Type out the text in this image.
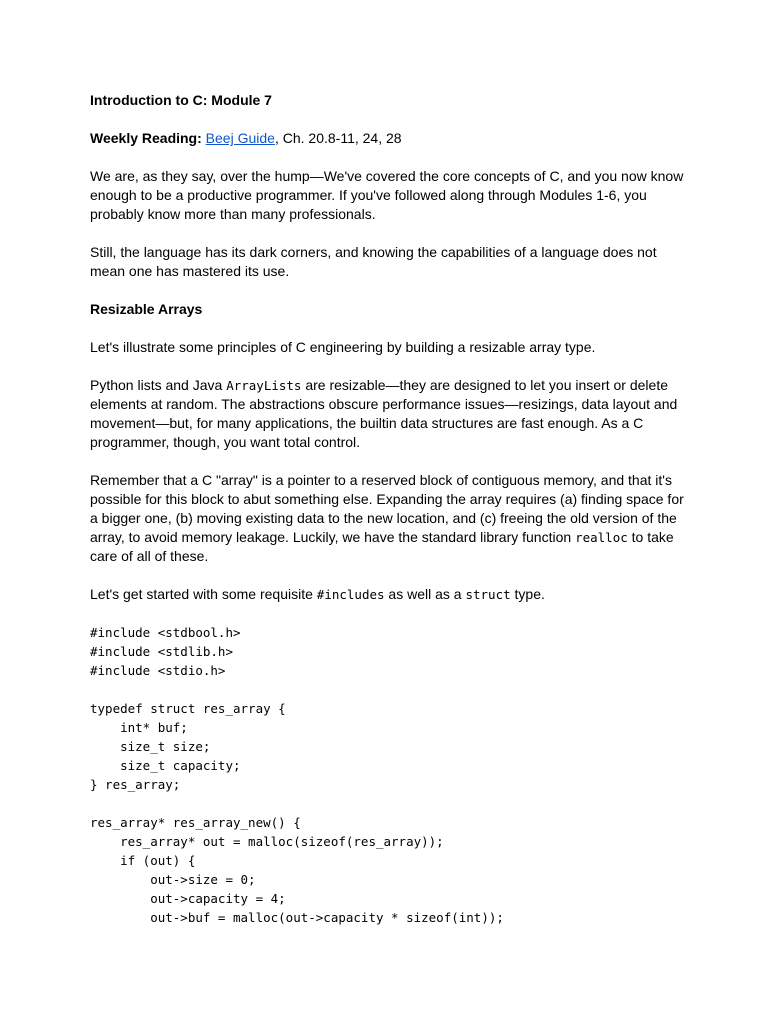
Introduction to C: Module 7

Weekly Reading: Beej Guide, Ch. 20.8-11, 24, 28

We are, as they say, over the hump—We've covered the core concepts of C, and you now know enough to be a productive programmer. If you've followed along through Modules 1-6, you probably know more than many professionals.

Still, the language has its dark corners, and knowing the capabilities of a language does not mean one has mastered its use.

Resizable Arrays

Let's illustrate some principles of C engineering by building a resizable array type.

Python lists and Java ArrayLists are resizable—they are designed to let you insert or delete elements at random. The abstractions obscure performance issues—resizings, data layout and movement—but, for many applications, the builtin data structures are fast enough. As a C programmer, though, you want total control.

Remember that a C "array" is a pointer to a reserved block of contiguous memory, and that it's possible for this block to abut something else. Expanding the array requires (a) finding space for a bigger one, (b) moving existing data to the new location, and (c) freeing the old version of the array, to avoid memory leakage. Luckily, we have the standard library function realloc to take care of all of these.

Let's get started with some requisite #includes as well as a struct type.

#include <stdbool.h>
#include <stdlib.h>
#include <stdio.h>

typedef struct res_array {
int* buf;
size_t size;
size_t capacity;
} res_array;

res_array* res_array_new() {
res_array* out = malloc(sizeof(res_array));
if (out) {
out->size = 0;
out->capacity = 4;
out->buf = malloc(out->capacity * sizeof(int));
